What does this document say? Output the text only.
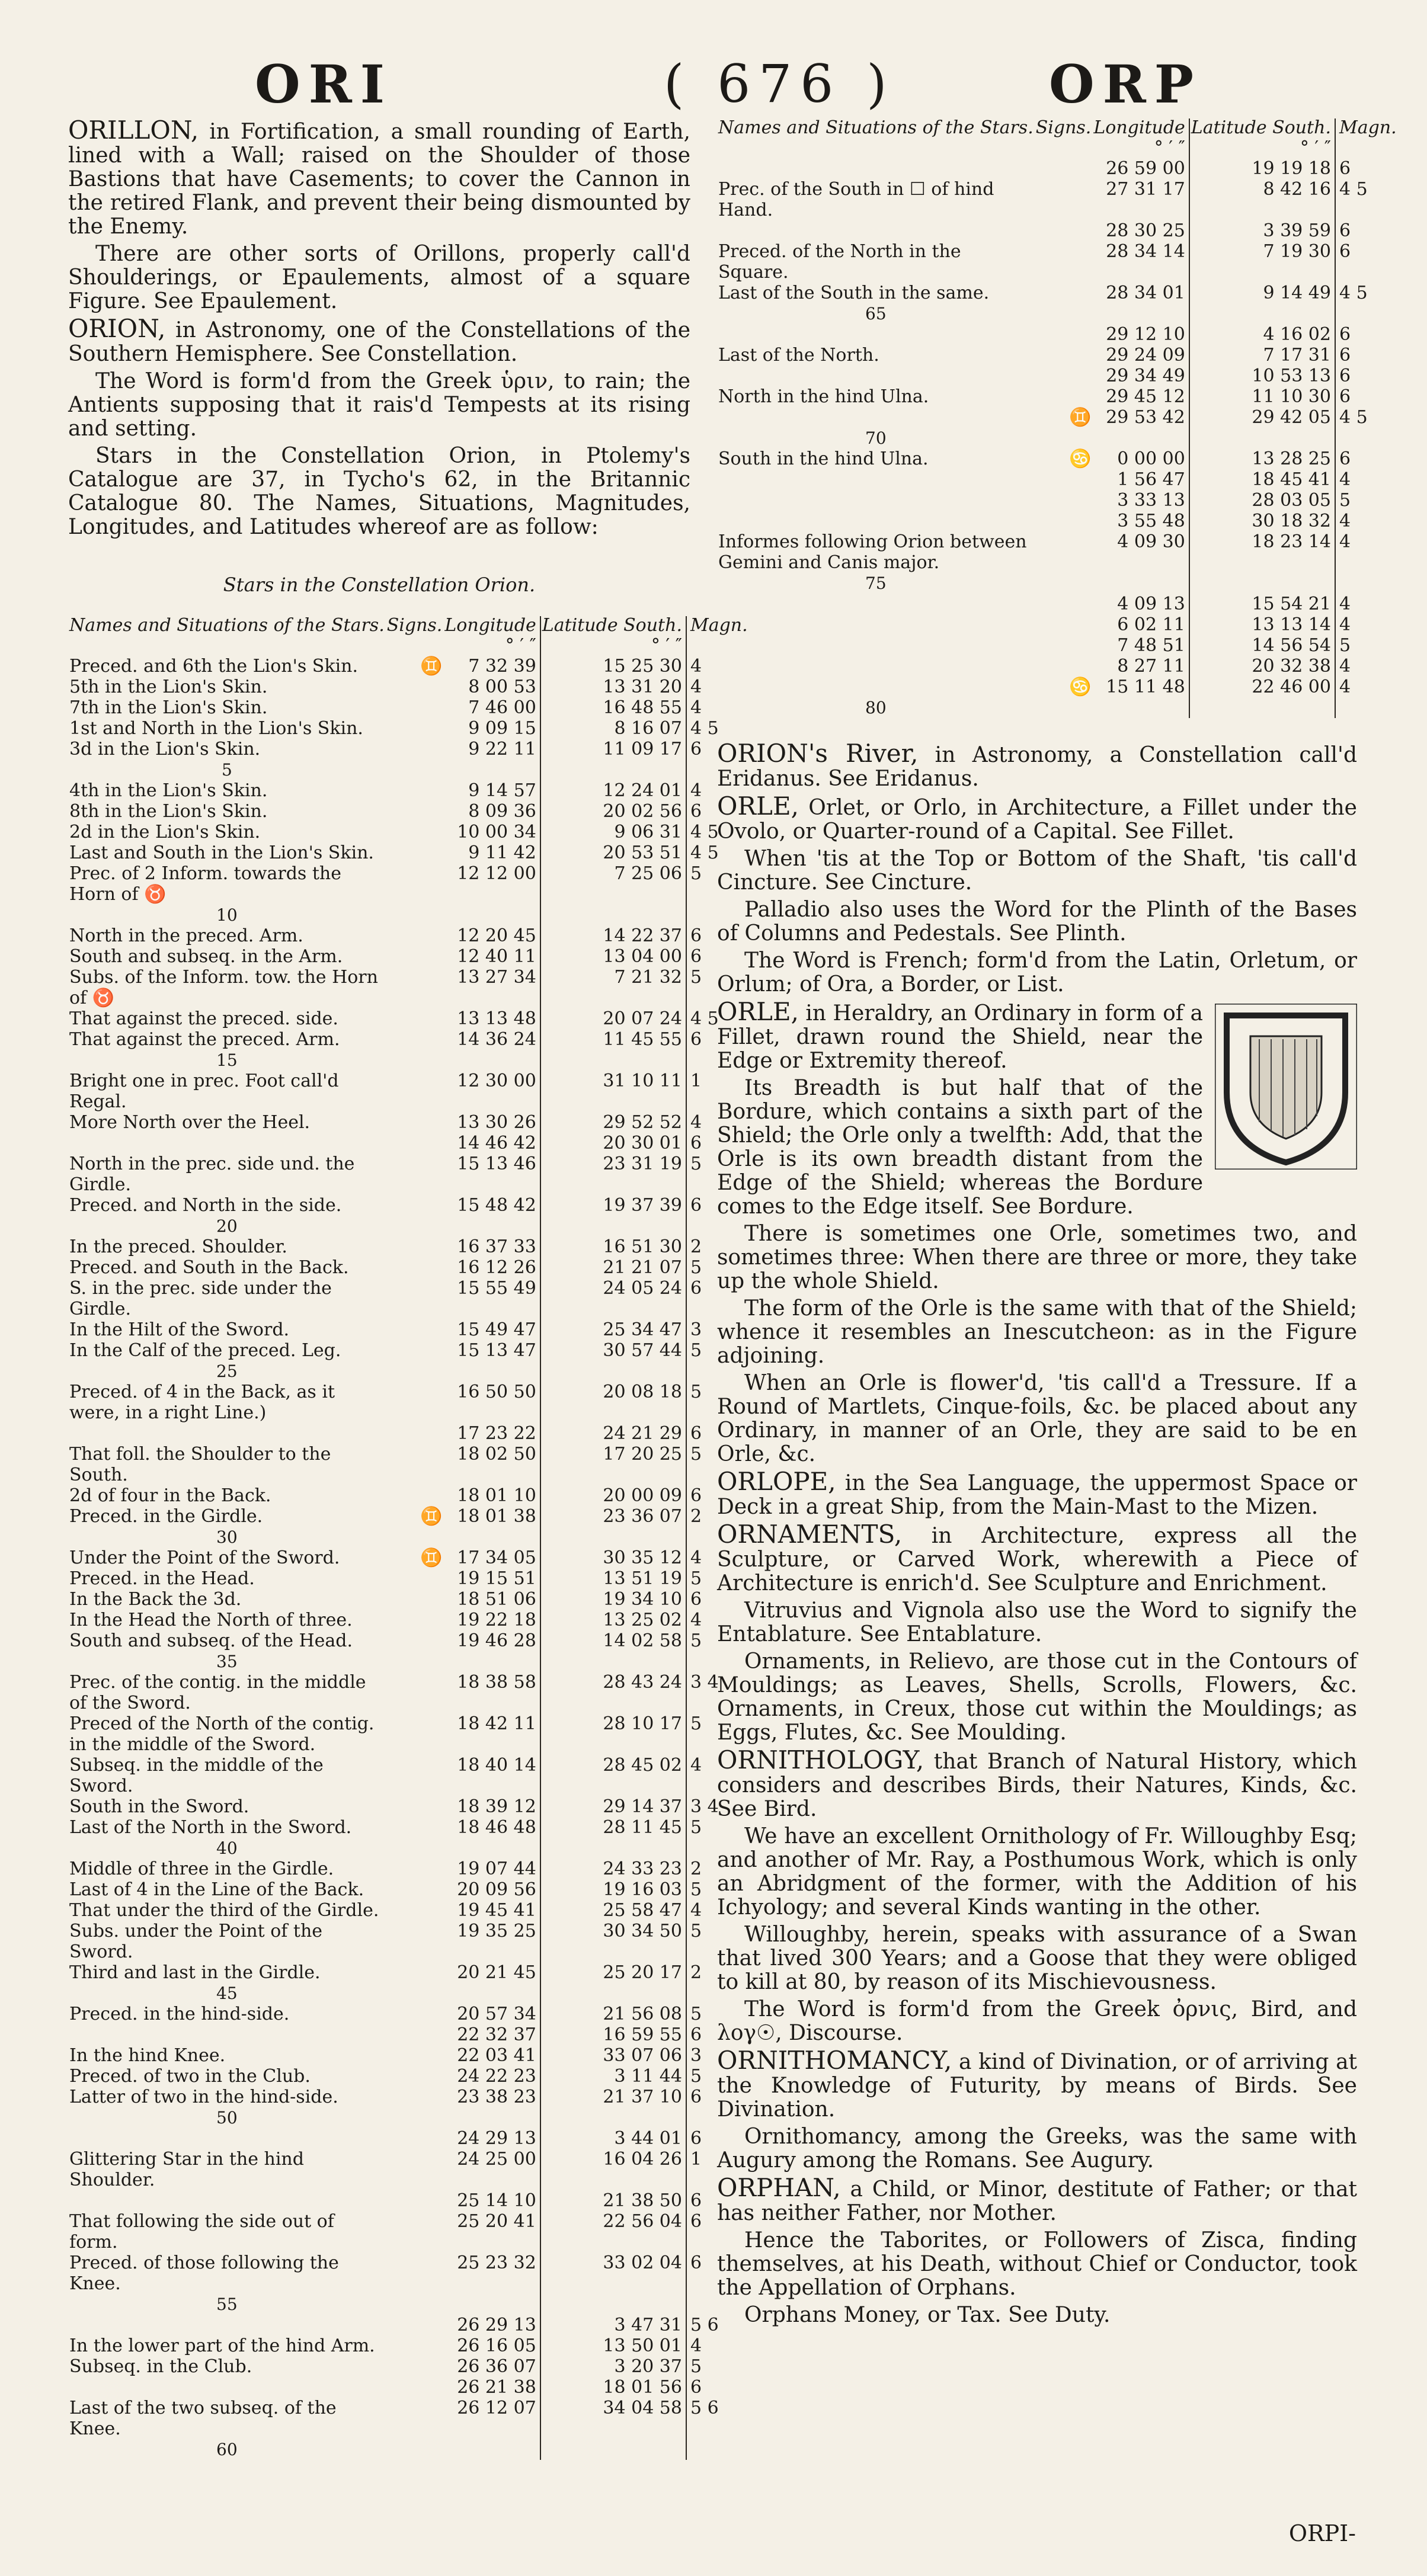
ORI	( 676 )	ORP

ORILLON, in Fortification, a small rounding of Earth, lined with a Wall; raised on the Shoulder of those Bastions that have Casements; to cover the Cannon in the retired Flank, and prevent their being dismounted by the Enemy.

There are other sorts of Orillons, properly call'd Shoulderings, or Epaulements, almost of a square Figure. See Epaulement.

ORION, in Astronomy, one of the Constellations of the Southern Hemisphere. See Constellation.

The Word is form'd from the Greek ὑριν, to rain; the Antients supposing that it rais'd Tempests at its rising and setting.

Stars in the Constellation Orion, in Ptolemy's Catalogue are 37, in Tycho's 62, in the Britannic Catalogue 80. The Names, Situations, Magnitudes, Longitudes, and Latitudes whereof are as follow:

Stars in the Constellation Orion.
Names and Situations of the Stars.	Signs.	Longitude	Latitude South.	Magn.
		° ′ ″	° ′ ″	
Preced. and 6th the Lion's Skin.	♊	7 32 39	15 25 30	4
5th in the Lion's Skin.		8 00 53	13 31 20	4
7th in the Lion's Skin.		7 46 00	16 48 55	4
1st and North in the Lion's Skin.		9 09 15	8 16 07	4 5
3d in the Lion's Skin.		9 22 11	11 09 17	6
5				
4th in the Lion's Skin.		9 14 57	12 24 01	4
8th in the Lion's Skin.		8 09 36	20 02 56	6
2d in the Lion's Skin.		10 00 34	9 06 31	4 5
Last and South in the Lion's Skin.		9 11 42	20 53 51	4 5
Prec. of 2 Inform. towards the Horn of ♉		12 12 00	7 25 06	5
10				
North in the preced. Arm.		12 20 45	14 22 37	6
South and subseq. in the Arm.		12 40 11	13 04 00	6
Subs. of the Inform. tow. the Horn of ♉		13 27 34	7 21 32	5
That against the preced. side.		13 13 48	20 07 24	4 5
That against the preced. Arm.		14 36 24	11 45 55	6
15				
Bright one in prec. Foot call'd Regal.		12 30 00	31 10 11	1
More North over the Heel.		13 30 26	29 52 52	4
		14 46 42	20 30 01	6
North in the prec. side und. the Girdle.		15 13 46	23 31 19	5
Preced. and North in the side.		15 48 42	19 37 39	6
20				
In the preced. Shoulder.		16 37 33	16 51 30	2
Preced. and South in the Back.		16 12 26	21 21 07	5
S. in the prec. side under the Girdle.		15 55 49	24 05 24	6
In the Hilt of the Sword.		15 49 47	25 34 47	3
In the Calf of the preced. Leg.		15 13 47	30 57 44	5
25				
Preced. of 4 in the Back, as it were, in a right Line.)		16 50 50	20 08 18	5
		17 23 22	24 21 29	6
That foll. the Shoulder to the South.		18 02 50	17 20 25	5
2d of four in the Back.		18 01 10	20 00 09	6
Preced. in the Girdle.	♊	18 01 38	23 36 07	2
30				
Under the Point of the Sword.	♊	17 34 05	30 35 12	4
Preced. in the Head.		19 15 51	13 51 19	5
In the Back the 3d.		18 51 06	19 34 10	6
In the Head the North of three.		19 22 18	13 25 02	4
South and subseq. of the Head.		19 46 28	14 02 58	5
35				
Prec. of the contig. in the middle of the Sword.		18 38 58	28 43 24	3 4
Preced of the North of the contig. in the middle of the Sword.		18 42 11	28 10 17	5
Subseq. in the middle of the Sword.		18 40 14	28 45 02	4
South in the Sword.		18 39 12	29 14 37	3 4
Last of the North in the Sword.		18 46 48	28 11 45	5
40				
Middle of three in the Girdle.		19 07 44	24 33 23	2
Last of 4 in the Line of the Back.		20 09 56	19 16 03	5
That under the third of the Girdle.		19 45 41	25 58 47	4
Subs. under the Point of the Sword.		19 35 25	30 34 50	5
Third and last in the Girdle.		20 21 45	25 20 17	2
45				
Preced. in the hind-side.		20 57 34	21 56 08	5
		22 32 37	16 59 55	6
In the hind Knee.		22 03 41	33 07 06	3
Preced. of two in the Club.		24 22 23	3 11 44	5
Latter of two in the hind-side.		23 38 23	21 37 10	6
50				
		24 29 13	3 44 01	6
Glittering Star in the hind Shoulder.		24 25 00	16 04 26	1
		25 14 10	21 38 50	6
That following the side out of form.		25 20 41	22 56 04	6
Preced. of those following the Knee.		25 23 32	33 02 04	6
55				
		26 29 13	3 47 31	5 6
In the lower part of the hind Arm.		26 16 05	13 50 01	4
Subseq. in the Club.		26 36 07	3 20 37	5
		26 21 38	18 01 56	6
Last of the two subseq. of the Knee.		26 12 07	34 04 58	5 6
60				
Names and Situations of the Stars.	Signs.	Longitude	Latitude South.	Magn.
		° ′ ″	° ′ ″	
		26 59 00	19 19 18	6
Prec. of the South in ☐ of hind Hand.		27 31 17	8 42 16	4 5
		28 30 25	3 39 59	6
Preced. of the North in the Square.		28 34 14	7 19 30	6
Last of the South in the same.		28 34 01	9 14 49	4 5
65				
		29 12 10	4 16 02	6
Last of the North.		29 24 09	7 17 31	6
		29 34 49	10 53 13	6
North in the hind Ulna.		29 45 12	11 10 30	6
	♊	29 53 42	29 42 05	4 5
70				
South in the hind Ulna.	♋	0 00 00	13 28 25	6
		1 56 47	18 45 41	4
		3 33 13	28 03 05	5
		3 55 48	30 18 32	4
Informes following Orion between Gemini and Canis major.		4 09 30	18 23 14	4
75				
		4 09 13	15 54 21	4
		6 02 11	13 13 14	4
		7 48 51	14 56 54	5
		8 27 11	20 32 38	4
	♋	15 11 48	22 46 00	4
80				

ORION's River, in Astronomy, a Constellation call'd Eridanus. See Eridanus.

ORLE, Orlet, or Orlo, in Architecture, a Fillet under the Ovolo, or Quarter-round of a Capital. See Fillet.

When 'tis at the Top or Bottom of the Shaft, 'tis call'd Cincture. See Cincture.

Palladio also uses the Word for the Plinth of the Bases of Columns and Pedestals. See Plinth.

The Word is French; form'd from the Latin, Orletum, or Orlum; of Ora, a Border, or List.

ORLE, in Heraldry, an Ordinary in form of a Fillet, drawn round the Shield, near the Edge or Extremity thereof.

Its Breadth is but half that of the Bordure, which contains a sixth part of the Shield; the Orle only a twelfth: Add, that the Orle is its own breadth distant from the Edge of the Shield; whereas the Bordure comes to the Edge itself. See Bordure.

There is sometimes one Orle, sometimes two, and sometimes three: When there are three or more, they take up the whole Shield.

The form of the Orle is the same with that of the Shield; whence it resembles an Inescutcheon: as in the Figure adjoining.

When an Orle is flower'd, 'tis call'd a Tressure. If a Round of Martlets, Cinque-foils, &c. be placed about any Ordinary, in manner of an Orle, they are said to be en Orle, &c.

ORLOPE, in the Sea Language, the uppermost Space or Deck in a great Ship, from the Main-Mast to the Mizen.

ORNAMENTS, in Architecture, express all the Sculpture, or Carved Work, wherewith a Piece of Architecture is enrich'd. See Sculpture and Enrichment.

Vitruvius and Vignola also use the Word to signify the Entablature. See Entablature.

Ornaments, in Relievo, are those cut in the Contours of Mouldings; as Leaves, Shells, Scrolls, Flowers, &c. Ornaments, in Creux, those cut within the Mouldings; as Eggs, Flutes, &c. See Moulding.

ORNITHOLOGY, that Branch of Natural History, which considers and describes Birds, their Natures, Kinds, &c. See Bird.

We have an excellent Ornithology of Fr. Willoughby Esq; and another of Mr. Ray, a Posthumous Work, which is only an Abridgment of the former, with the Addition of his Ichyology; and several Kinds wanting in the other.

Willoughby, herein, speaks with assurance of a Swan that lived 300 Years; and a Goose that they were obliged to kill at 80, by reason of its Mischievousness.

The Word is form'd from the Greek ὀρνις, Bird, and λογ☉, Discourse.

ORNITHOMANCY, a kind of Divination, or of arriving at the Knowledge of Futurity, by means of Birds. See Divination.

Ornithomancy, among the Greeks, was the same with Augury among the Romans. See Augury.

ORPHAN, a Child, or Minor, destitute of Father; or that has neither Father, nor Mother.

Hence the Taborites, or Followers of Zisca, finding themselves, at his Death, without Chief or Conductor, took the Appellation of Orphans.

Orphans Money, or Tax. See Duty.

ORPI-
